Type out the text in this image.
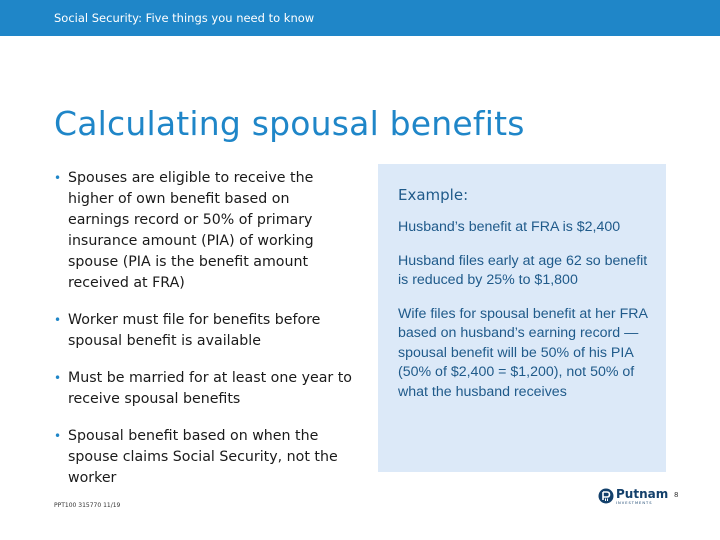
Social Security: Five things you need to know
Calculating spousal benefits
• Spouses are eligible to receive the higher of own benefit based on earnings record or 50% of primary insurance amount (PIA) of working spouse (PIA is the benefit amount received at FRA)
• Worker must file for benefits before spousal benefit is available
• Must be married for at least one year to receive spousal benefits
• Spousal benefit based on when the spouse claims Social Security, not the worker
Example:

Husband’s benefit at FRA is $2,400

Husband files early at age 62 so benefit is reduced by 25% to $1,800

Wife files for spousal benefit at her FRA based on husband’s earning record — spousal benefit will be 50% of his PIA (50% of $2,400 = $1,200), not 50% of what the husband receives

PPT100 315770 11/19
Putnam
INVESTMENTS
8
